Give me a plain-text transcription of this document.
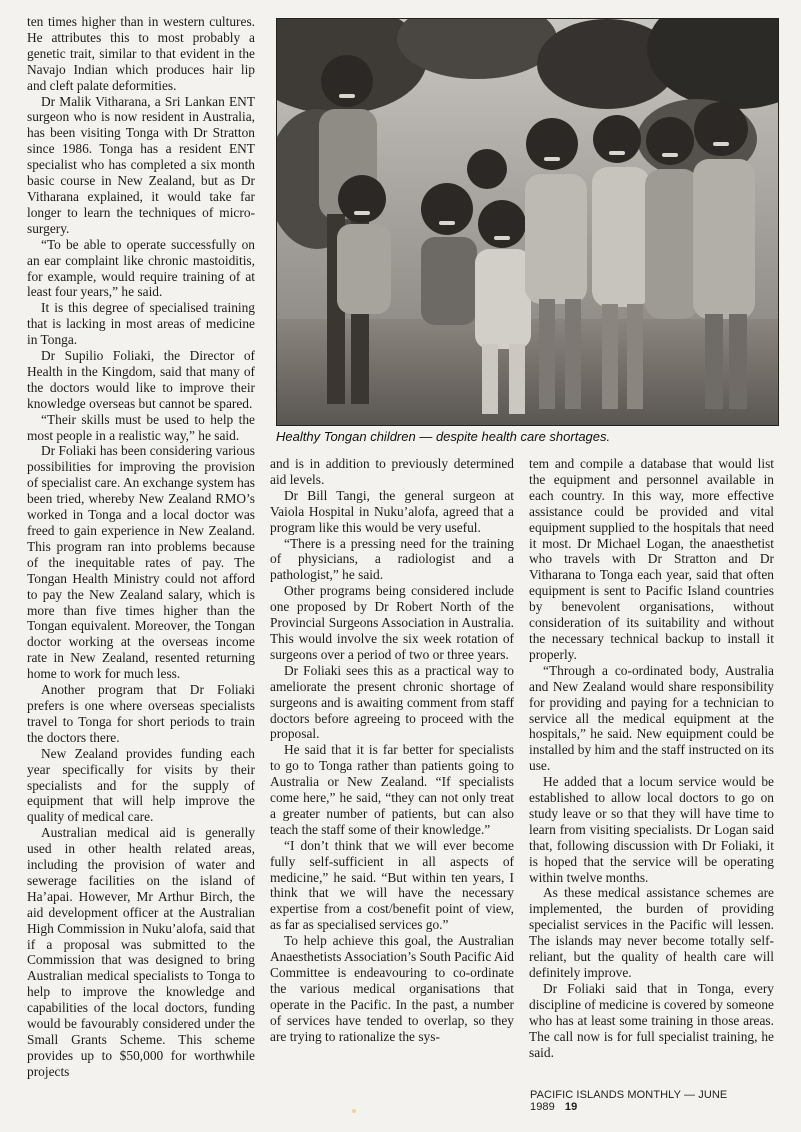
ten times higher than in western cultures. He attributes this to most probably a genetic trait, similar to that evident in the Navajo Indian which produces hair lip and cleft palate deformities.

Dr Malik Vitharana, a Sri Lankan ENT surgeon who is now resident in Australia, has been visiting Tonga with Dr Stratton since 1986. Tonga has a resident ENT specialist who has completed a six month basic course in New Zealand, but as Dr Vitharana explained, it would take far longer to learn the techniques of micro-surgery.

“To be able to operate successfully on an ear complaint like chronic mastoiditis, for example, would require training of at least four years,” he said.

It is this degree of specialised training that is lacking in most areas of medicine in Tonga.

Dr Supilio Foliaki, the Director of Health in the Kingdom, said that many of the doctors would like to improve their knowledge overseas but cannot be spared.

“Their skills must be used to help the most people in a realistic way,” he said.

Dr Foliaki has been considering various possibilities for improving the provision of specialist care. An exchange system has been tried, whereby New Zealand RMO’s worked in Tonga and a local doctor was freed to gain experience in New Zealand. This program ran into problems because of the inequitable rates of pay. The Tongan Health Ministry could not afford to pay the New Zealand salary, which is more than five times higher than the Tongan equivalent. Moreover, the Tongan doctor working at the overseas income rate in New Zealand, resented returning home to work for much less.

Another program that Dr Foliaki prefers is one where overseas specialists travel to Tonga for short periods to train the doctors there.

New Zealand provides funding each year specifically for visits by their specialists and for the supply of equipment that will help improve the quality of medical care.

Australian medical aid is generally used in other health related areas, including the provision of water and sewerage facilities on the island of Ha’apai. However, Mr Arthur Birch, the aid development officer at the Australian High Commission in Nuku’alofa, said that if a proposal was submitted to the Commission that was designed to bring Australian medical specialists to Tonga to help to improve the knowledge and capabilities of the local doctors, funding would be favourably considered under the Small Grants Scheme. This scheme provides up to $50,000 for worthwhile projects

Healthy Tongan children — despite health care shortages.

and is in addition to previously determined aid levels.

Dr Bill Tangi, the general surgeon at Vaiola Hospital in Nuku’alofa, agreed that a program like this would be very useful.

“There is a pressing need for the training of physicians, a radiologist and a pathologist,” he said.

Other programs being considered include one proposed by Dr Robert North of the Provincial Surgeons Association in Australia. This would involve the six week rotation of surgeons over a period of two or three years.

Dr Foliaki sees this as a practical way to ameliorate the present chronic shortage of surgeons and is awaiting comment from staff doctors before agreeing to proceed with the proposal.

He said that it is far better for specialists to go to Tonga rather than patients going to Australia or New Zealand. “If specialists come here,” he said, “they can not only treat a greater number of patients, but can also teach the staff some of their knowledge.”

“I don’t think that we will ever become fully self-sufficient in all aspects of medicine,” he said. “But within ten years, I think that we will have the necessary expertise from a cost/benefit point of view, as far as specialised services go.”

To help achieve this goal, the Australian Anaesthetists Association’s South Pacific Aid Committee is endeavouring to co-ordinate the various medical organisations that operate in the Pacific. In the past, a number of services have tended to overlap, so they are trying to rationalize the sys-

tem and compile a database that would list the equipment and personnel available in each country. In this way, more effective assistance could be provided and vital equipment supplied to the hospitals that need it most. Dr Michael Logan, the anaesthetist who travels with Dr Stratton and Dr Vitharana to Tonga each year, said that often equipment is sent to Pacific Island countries by benevolent organisations, without consideration of its suitability and without the necessary technical backup to install it properly.

“Through a co-ordinated body, Australia and New Zealand would share responsibility for providing and paying for a technician to service all the medical equipment at the hospitals,” he said. New equipment could be installed by him and the staff instructed on its use.

He added that a locum service would be established to allow local doctors to go on study leave or so that they will have time to learn from visiting specialists. Dr Logan said that, following discussion with Dr Foliaki, it is hoped that the service will be operating within twelve months.

As these medical assistance schemes are implemented, the burden of providing specialist services in the Pacific will lessen. The islands may never become totally self-reliant, but the quality of health care will definitely improve.

Dr Foliaki said that in Tonga, every discipline of medicine is covered by someone who has at least some training in those areas. The call now is for full specialist training, he said.

PACIFIC ISLANDS MONTHLY — JUNE 1989 19
